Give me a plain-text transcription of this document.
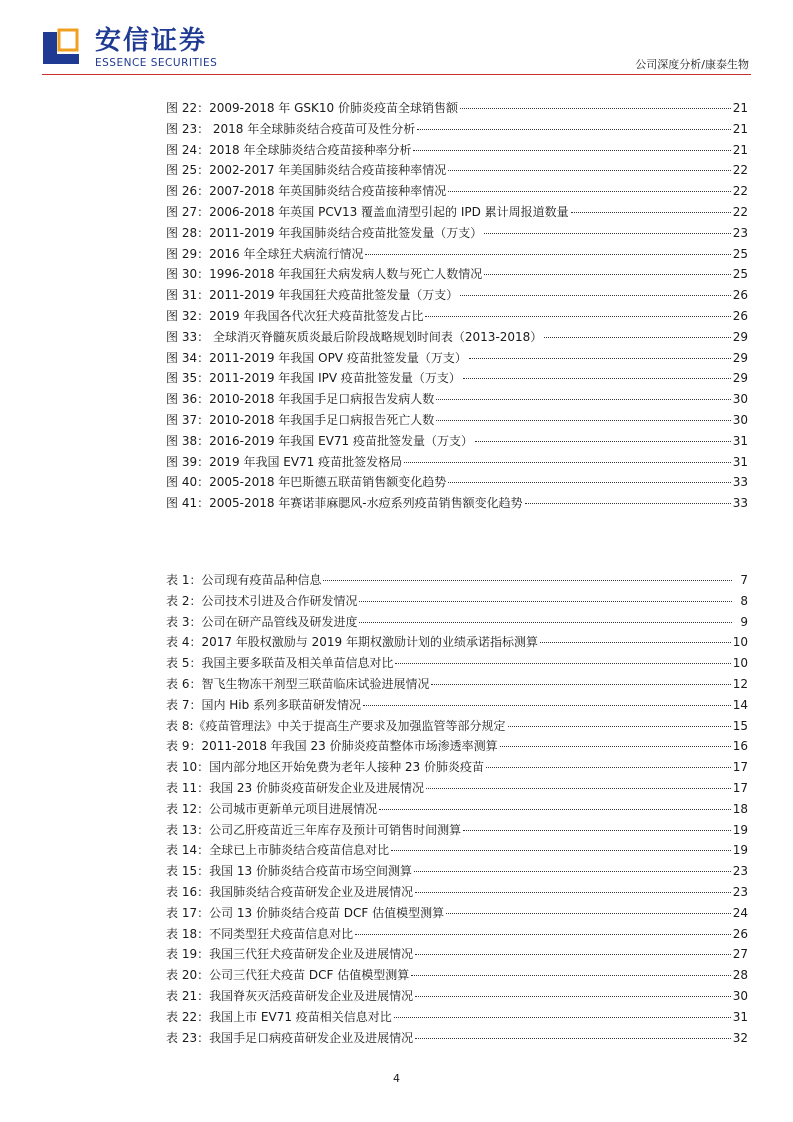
安信证券
ESSENCE SECURITIES	公司深度分析/康泰生物
图 22：2009-2018 年 GSK10 价肺炎疫苗全球销售额	21
图 23： 2018 年全球肺炎结合疫苗可及性分析	21
图 24：2018 年全球肺炎结合疫苗接种率分析	21
图 25：2002-2017 年美国肺炎结合疫苗接种率情况	22
图 26：2007-2018 年英国肺炎结合疫苗接种率情况	22
图 27：2006-2018 年英国 PCV13 覆盖血清型引起的 IPD 累计周报道数量	22
图 28：2011-2019 年我国肺炎结合疫苗批签发量（万支）	23
图 29：2016 年全球狂犬病流行情况	25
图 30：1996-2018 年我国狂犬病发病人数与死亡人数情况	25
图 31：2011-2019 年我国狂犬疫苗批签发量（万支）	26
图 32：2019 年我国各代次狂犬疫苗批签发占比	26
图 33： 全球消灭脊髓灰质炎最后阶段战略规划时间表（2013-2018）	29
图 34：2011-2019 年我国 OPV 疫苗批签发量（万支）	29
图 35：2011-2019 年我国 IPV 疫苗批签发量（万支）	29
图 36：2010-2018 年我国手足口病报告发病人数	30
图 37：2010-2018 年我国手足口病报告死亡人数	30
图 38：2016-2019 年我国 EV71 疫苗批签发量（万支）	31
图 39：2019 年我国 EV71 疫苗批签发格局	31
图 40：2005-2018 年巴斯德五联苗销售额变化趋势	33
图 41：2005-2018 年赛诺菲麻腮风-水痘系列疫苗销售额变化趋势	33
表 1：公司现有疫苗品种信息	7
表 2：公司技术引进及合作研发情况	8
表 3：公司在研产品管线及研发进度	9
表 4：2017 年股权激励与 2019 年期权激励计划的业绩承诺指标测算	10
表 5：我国主要多联苗及相关单苗信息对比	10
表 6：智飞生物冻干剂型三联苗临床试验进展情况	12
表 7：国内 Hib 系列多联苗研发情况	14
表 8:《疫苗管理法》中关于提高生产要求及加强监管等部分规定	15
表 9：2011-2018 年我国 23 价肺炎疫苗整体市场渗透率测算	16
表 10：国内部分地区开始免费为老年人接种 23 价肺炎疫苗	17
表 11：我国 23 价肺炎疫苗研发企业及进展情况	17
表 12：公司城市更新单元项目进展情况	18
表 13：公司乙肝疫苗近三年库存及预计可销售时间测算	19
表 14：全球已上市肺炎结合疫苗信息对比	19
表 15：我国 13 价肺炎结合疫苗市场空间测算	23
表 16：我国肺炎结合疫苗研发企业及进展情况	23
表 17：公司 13 价肺炎结合疫苗 DCF 估值模型测算	24
表 18：不同类型狂犬疫苗信息对比	26
表 19：我国三代狂犬疫苗研发企业及进展情况	27
表 20：公司三代狂犬疫苗 DCF 估值模型测算	28
表 21：我国脊灰灭活疫苗研发企业及进展情况	30
表 22：我国上市 EV71 疫苗相关信息对比	31
表 23：我国手足口病疫苗研发企业及进展情况	32
4
